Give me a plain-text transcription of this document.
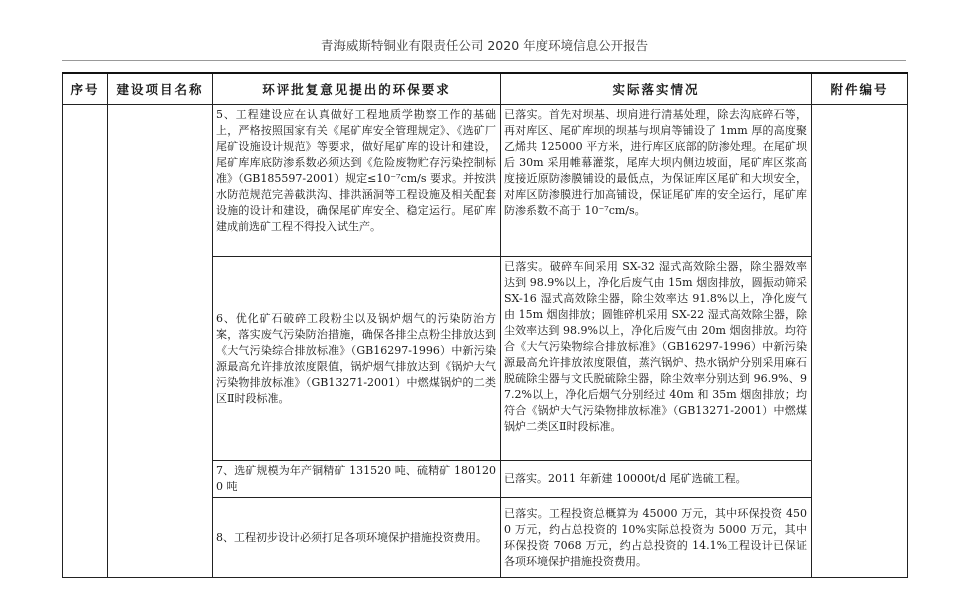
青海威斯特铜业有限责任公司 2020 年度环境信息公开报告
序号	建设项目名称	环评批复意见提出的环保要求	实际落实情况	附件编号

		5、工程建设应在认真做好工程地质学勘察工作的基础上，严格按照国家有关《尾矿库安全管理规定》、《选矿厂尾矿设施设计规范》等要求，做好尾矿库的设计和建设，尾矿库库底防渗系数必须达到《危险废物贮存污染控制标准》（GB185597-2001）规定≤10⁻⁷cm/s 要求。并按洪水防范规范完善截洪沟、排洪涵洞等工程设施及相关配套设施的设计和建设，确保尾矿库安全、稳定运行。尾矿库建成前选矿工程不得投入试生产。	已落实。首先对坝基、坝肩进行清基处理，除去沟底碎石等，再对库区、尾矿库坝的坝基与坝肩等铺设了 1mm 厚的高度聚乙烯共 125000 平方米，进行库区底部的防渗处理。在尾矿坝后 30m 采用帷幕灌浆，尾库大坝内侧边坡面，尾矿库区浆高度接近原防渗膜铺设的最低点，为保证库区尾矿和大坝安全，对库区防渗膜进行加高铺设，保证尾矿库的安全运行，尾矿库防渗系数不高于 10⁻⁷cm/s。	

		6、优化矿石破碎工段粉尘以及锅炉烟气的污染防治方案，落实废气污染防治措施，确保各排尘点粉尘排放达到《大气污染综合排放标准》（GB16297-1996）中新污染源最高允许排放浓度限值，锅炉烟气排放达到《锅炉大气污染物排放标准》（GB13271-2001）中燃煤锅炉的二类区Ⅱ时段标准。	已落实。破碎车间采用 SX-32 湿式高效除尘器，除尘器效率达到 98.9%以上，净化后废气由 15m 烟囱排放，圆振动筛采 SX-16 湿式高效除尘器，除尘效率达 91.8%以上，净化废气由 15m 烟囱排放；圆锥碎机采用 SX-22 湿式高效除尘器，除尘效率达到 98.9%以上，净化后废气由 20m 烟囱排放。均符合《大气污染物综合排放标准》（GB16297-1996）中新污染源最高允许排放浓度限值，蒸汽锅炉、热水锅炉分别采用麻石脱硫除尘器与文氏脱硫除尘器，除尘效率分别达到 96.9%、97.2%以上，净化后烟气分别经过 40m 和 35m 烟囱排放；均符合《锅炉大气污染物排放标准》（GB13271-2001）中燃煤锅炉二类区Ⅱ时段标准。	

		7、选矿规模为年产铜精矿 131520 吨、硫精矿 1801200 吨	已落实。2011 年新建 10000t/d 尾矿选硫工程。	

		8、工程初步设计必须打足各项环境保护措施投资费用。	已落实。工程投资总概算为 45000 万元，其中环保投资 4500 万元，约占总投资的 10%实际总投资为 5000 万元，其中环保投资 7068 万元，约占总投资的 14.1%工程设计已保证各项环境保护措施投资费用。	
